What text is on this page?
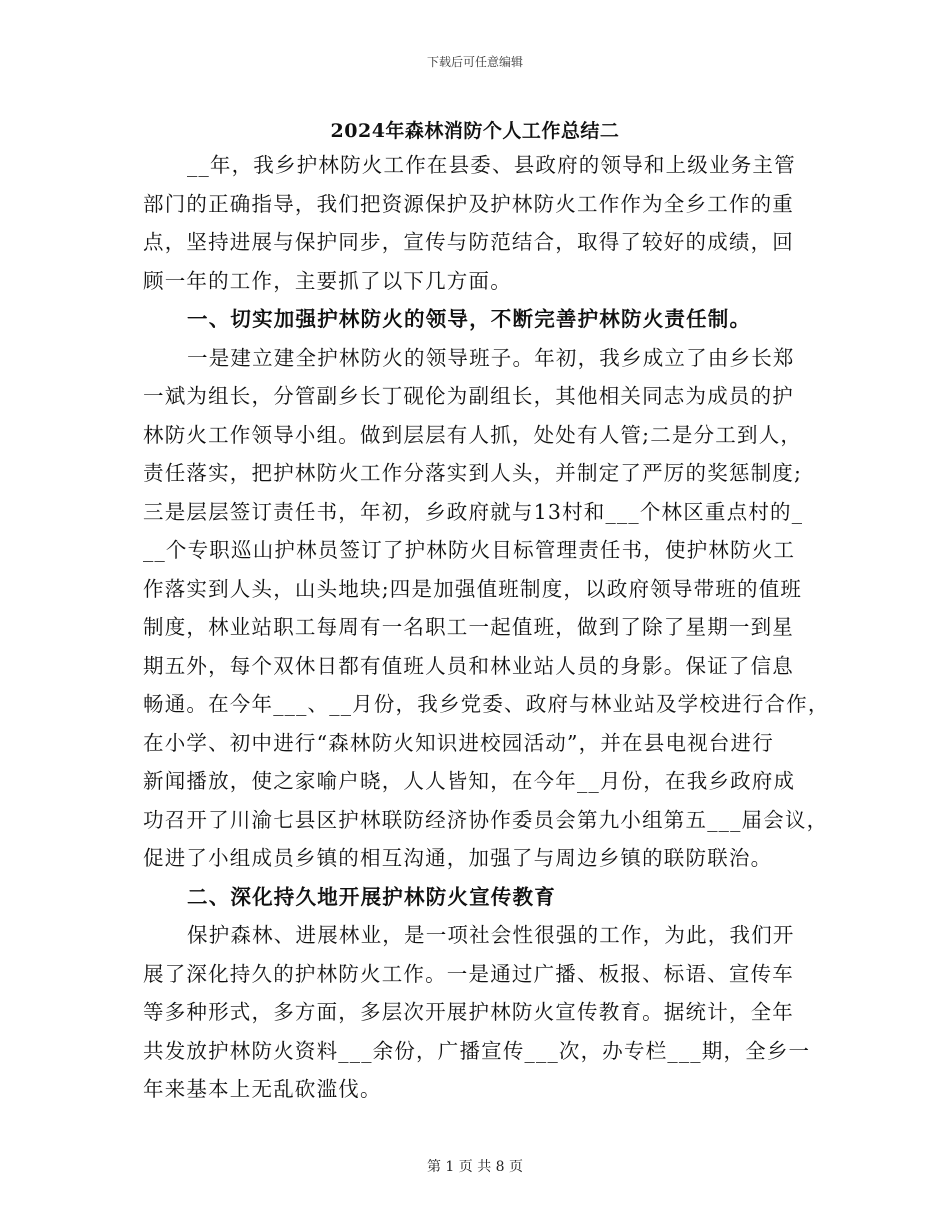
下载后可任意编辑
2024年森林消防个人工作总结二
__年，我乡护林防火工作在县委、县政府的领导和上级业务主管
部门的正确指导，我们把资源保护及护林防火工作作为全乡工作的重
点，坚持进展与保护同步，宣传与防范结合，取得了较好的成绩，回
顾一年的工作，主要抓了以下几方面。
一、切实加强护林防火的领导，不断完善护林防火责任制。
一是建立建全护林防火的领导班子。年初，我乡成立了由乡长郑
一斌为组长，分管副乡长丁砚伦为副组长，其他相关同志为成员的护
林防火工作领导小组。做到层层有人抓，处处有人管;二是分工到人，
责任落实，把护林防火工作分落实到人头，并制定了严厉的奖惩制度;
三是层层签订责任书，年初，乡政府就与13村和___个林区重点村的_
__个专职巡山护林员签订了护林防火目标管理责任书，使护林防火工
作落实到人头，山头地块;四是加强值班制度，以政府领导带班的值班
制度，林业站职工每周有一名职工一起值班，做到了除了星期一到星
期五外，每个双休日都有值班人员和林业站人员的身影。保证了信息
畅通。在今年___、__月份，我乡党委、政府与林业站及学校进行合作，
在小学、初中进行“森林防火知识进校园活动”，并在县电视台进行
新闻播放，使之家喻户晓，人人皆知，在今年__月份，在我乡政府成
功召开了川渝七县区护林联防经济协作委员会第九小组第五___届会议，
促进了小组成员乡镇的相互沟通，加强了与周边乡镇的联防联治。
二、深化持久地开展护林防火宣传教育
保护森林、进展林业，是一项社会性很强的工作，为此，我们开
展了深化持久的护林防火工作。一是通过广播、板报、标语、宣传车
等多种形式，多方面，多层次开展护林防火宣传教育。据统计，全年
共发放护林防火资料___余份，广播宣传___次，办专栏___期，全乡一
年来基本上无乱砍滥伐。
第 1 页 共 8 页
